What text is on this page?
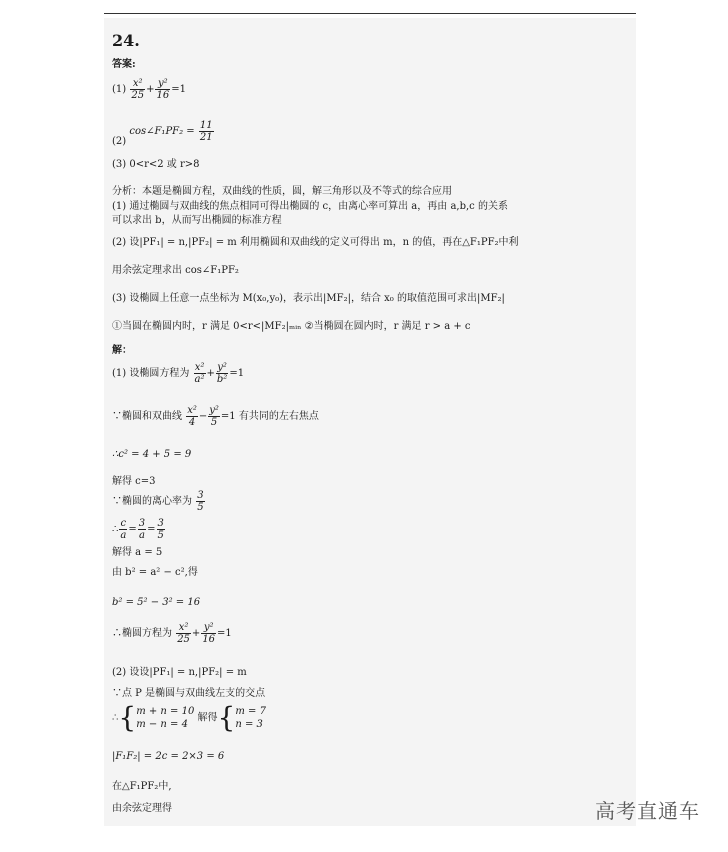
24.
答案:
$(1) \frac{\text{x²}}{25} + \frac{\text{y²}}{16} =1$
(2) cos∠F₁PF₂ = $\frac{11}{21}$
(3) 0<r<2 或 r>8
分析：本题是椭圆方程，双曲线的性质，圆，解三角形以及不等式的综合应用
(1) 通过椭圆与双曲线的焦点相同可得出椭圆的 c，由离心率可算出 a，再由 a,b,c 的关系
可以求出 b，从而写出椭圆的标准方程
(2) 设|PF₁| = n,|PF₂| = m 利用椭圆和双曲线的定义可得出 m，n 的值，再在△F₁PF₂中利
用余弦定理求出 cos∠F₁PF₂
(3) 设椭圆上任意一点坐标为 M(x₀,y₀)，表示出|MF₂|，结合 x₀ 的取值范围可求出|MF₂|
①当圆在椭圆内时，r 满足 0<r<|MF₂|ₘᵢₙ ②当椭圆在圆内时，r 满足 r > a + c
解：
(1) 设椭圆方程为 $\frac{\text{x²}}{\text{a²}} + \frac{\text{y²}}{\text{b²}} =1$
∵椭圆和双曲线 $\frac{\text{x²}}{4} - \frac{\text{y²}}{5} =1$ 有共同的左右焦点
∴c² = 4 + 5 = 9
解得 c=3
∵椭圆的离心率为 $\frac{3}{5}$
∴ $\frac{c}{a} = \frac{3}{a} = \frac{3}{5}$
解得 a = 5
由 b² = a² − c²,得
b² = 5² − 3² = 16
∴椭圆方程为 $\frac{\text{x²}}{25} + \frac{\text{y²}}{16} =1$
(2) 设设|PF₁| = n,|PF₂| = m
∵点 P 是椭圆与双曲线左支的交点
∴{ m + n = 10
m − n = 4
解得{ m = 7
n = 3
|F₁F₂| = 2c = 2×3 = 6
在△F₁PF₂中,
由余弦定理得	高考直通车
